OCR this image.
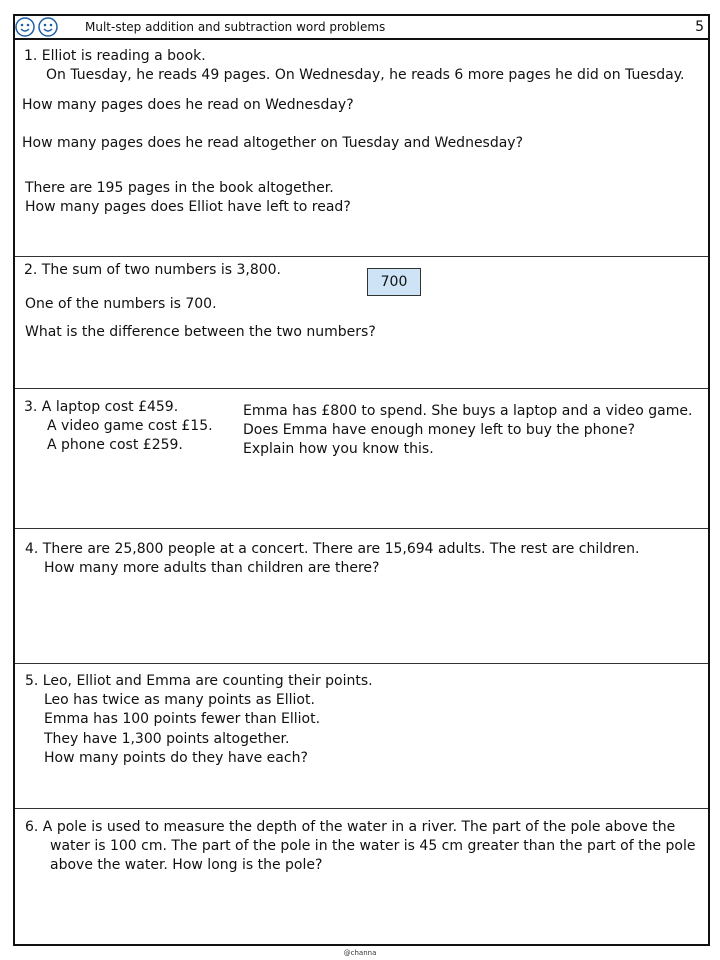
Mult-step addition and subtraction word problems	5
1. Elliot is reading a book.
On Tuesday, he reads 49 pages. On Wednesday, he reads 6 more pages he did on Tuesday.
How many pages does he read on Wednesday?
How many pages does he read altogether on Tuesday and Wednesday?
There are 195 pages in the book altogether.
How many pages does Elliot have left to read?
2. The sum of two numbers is 3,800.
One of the numbers is 700.
What is the difference between the two numbers?
700
3. A laptop cost £459.
A video game cost £15.
A phone cost £259.
Emma has £800 to spend. She buys a laptop and a video game.
Does Emma have enough money left to buy the phone?
Explain how you know this.
4. There are 25,800 people at a concert. There are 15,694 adults. The rest are children.
How many more adults than children are there?
5. Leo, Elliot and Emma are counting their points.
Leo has twice as many points as Elliot.
Emma has 100 points fewer than Elliot.
They have 1,300 points altogether.
How many points do they have each?
6. A pole is used to measure the depth of the water in a river. The part of the pole above the
water is 100 cm. The part of the pole in the water is 45 cm greater than the part of the pole
above the water. How long is the pole?
@channa
